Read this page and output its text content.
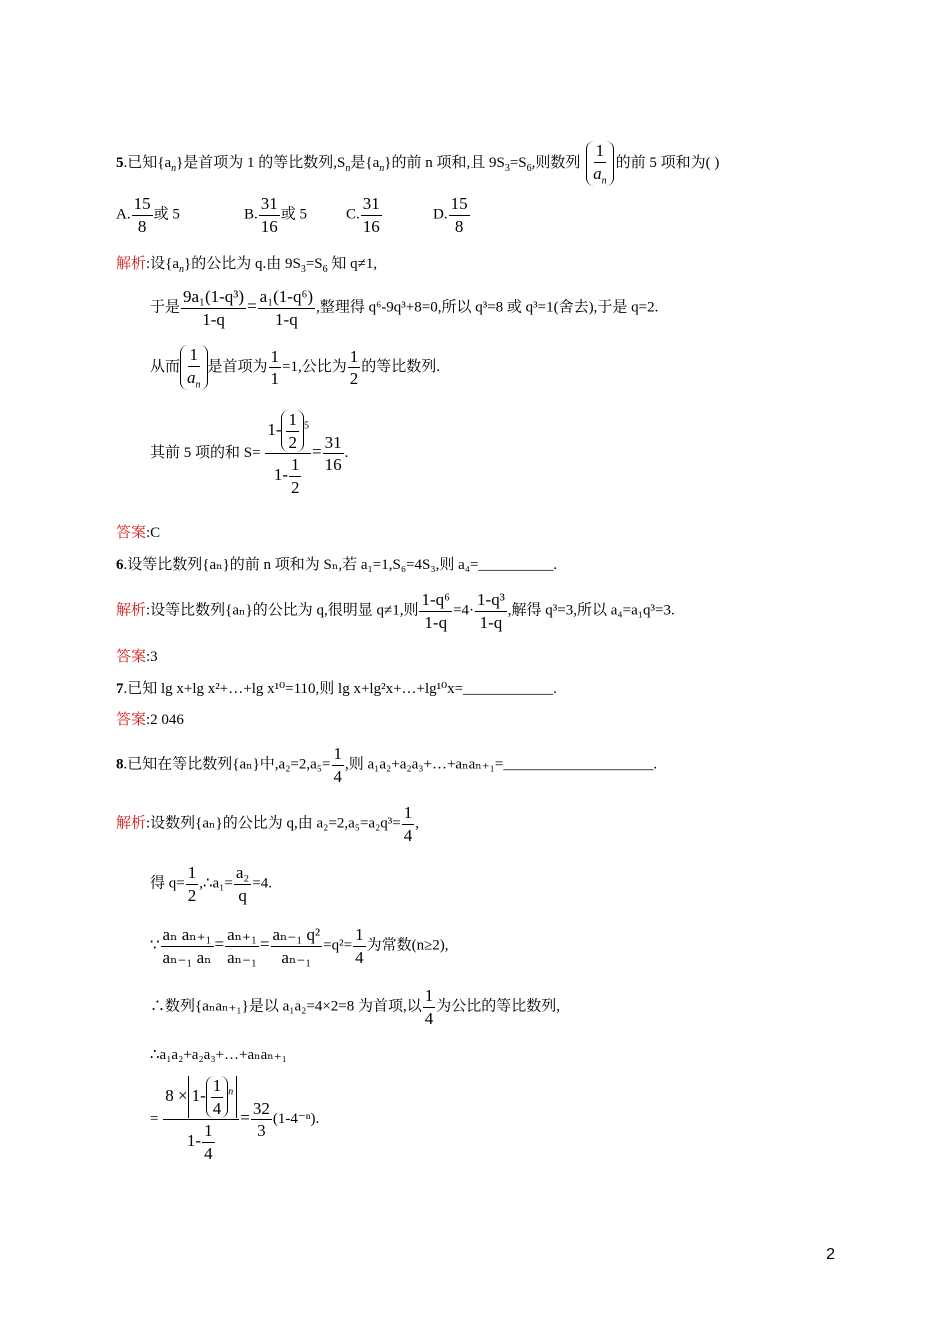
5.已知$\{a_n\}$是首项为 1 的等比数列$,S_n$是$\{a_n\}$的前 n 项和,且 $9S_3=S_6$,则数列 $\frac{1}{a_n}$ 的前 5 项和为( )
A. $\frac{15}{8}$ 或 5	B. $\frac{31}{16}$ 或 5	C. $\frac{31}{16}$	D. $\frac{15}{8}$
解析:设$\{a_n\}$的公比为 q.由 $9S_3=S_6$ 知 q≠1,
于是 $\frac{\text{9a₁(1-q³)}}{1-q} = \frac{\text{a₁(1-q⁶)}}{1-q}$ ,整理得 q⁶-9q³+8=0,所以 q³=8 或 q³=1(舍去),于是 q=2.
从而 $\frac{1}{a_n}$ 是首项为 $\frac{1}{1} =1$,公比为 $\frac{1}{2}$ 的等比数列.
其前 5 项的和 $S= \frac{1- \frac{1}{2} ^5}{1- \frac{1}{2}} = \frac{31}{16}$ .
答案:C
6.设等比数列{aₙ}的前 n 项和为 Sₙ,若 a₁=1,S₆=4S₃,则 a₄=__________.
解析:设等比数列{aₙ}的公比为 q,很明显 q≠1,则 $\frac{\text{1-q⁶}}{1-q} =4\cdot \frac{\text{1-q³}}{1-q}$ ,解得 q³=3,所以 a₄=a₁q³=3.
答案:3
7.已知 lg x+lg x²+…+lg x¹⁰=110,则 lg x+lg²x+…+lg¹⁰x=____________.
答案:2 046
8.已知在等比数列{aₙ}中$,a_2=2,a_5= \frac{1}{4}$ ,则 a₁a₂+a₂a₃+…+aₙaₙ₊₁=____________________.
解析:设数列{aₙ}的公比为 q,由 $a_2=2,a_5=a_2q^3= \frac{1}{4}$ ,
得 $q= \frac{1}{2}$ ,∴a₁= $\frac{\text{a₂}}{q} =4$.
∵ $\frac{\text{aₙ aₙ₊₁}}{\text{aₙ₋₁ aₙ}} = \frac{\text{aₙ₊₁}}{\text{aₙ₋₁}} = \frac{\text{aₙ₋₁ q²}}{\text{aₙ₋₁}} =q^2= \frac{1}{4}$ 为常数(n≥2),
∴数列{aₙaₙ₊₁}是以 a₁a₂=4×2=8 为首项,以 $\frac{1}{4}$ 为公比的等比数列,
∴a₁a₂+a₂a₃+…+aₙaₙ₊₁
= $\frac{8 \times 1- \frac{1}{4} ^n}{1- \frac{1}{4}} = \frac{32}{3} (1-4^{-n})$.
2
